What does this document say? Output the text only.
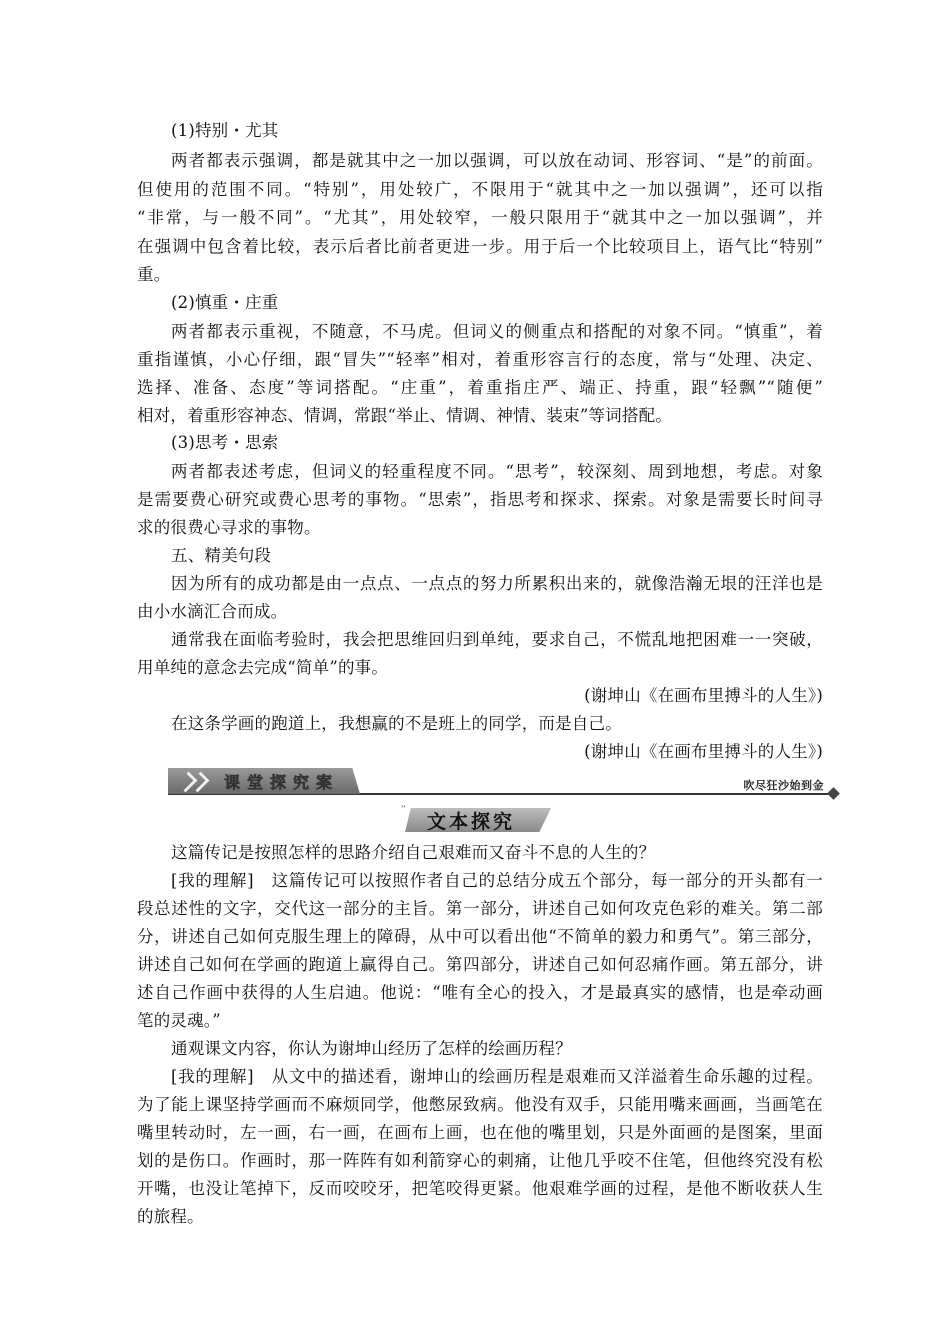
(1)特别・尤其
两者都表示强调，都是就其中之一加以强调，可以放在动词、形容词、“是”的前面。
但使用的范围不同。“特别”，用处较广，不限用于“就其中之一加以强调”，还可以指
“非常，与一般不同”。“尤其”，用处较窄，一般只限用于“就其中之一加以强调”，并
在强调中包含着比较，表示后者比前者更进一步。用于后一个比较项目上，语气比“特别”
重。
(2)慎重・庄重
两者都表示重视，不随意，不马虎。但词义的侧重点和搭配的对象不同。“慎重”，着
重指谨慎，小心仔细，跟“冒失”“轻率”相对，着重形容言行的态度，常与“处理、决定、
选择、准备、态度”等词搭配。“庄重”，着重指庄严、端正、持重，跟“轻飘”“随便”
相对，着重形容神态、情调，常跟“举止、情调、神情、装束”等词搭配。
(3)思考・思索
两者都表述考虑，但词义的轻重程度不同。“思考”，较深刻、周到地想，考虑。对象
是需要费心研究或费心思考的事物。“思索”，指思考和探求、探索。对象是需要长时间寻
求的很费心寻求的事物。
五、精美句段
因为所有的成功都是由一点点、一点点的努力所累积出来的，就像浩瀚无垠的汪洋也是
由小水滴汇合而成。
通常我在面临考验时，我会把思维回归到单纯，要求自己，不慌乱地把困难一一突破，
用单纯的意念去完成“简单”的事。
(谢坤山《在画布里搏斗的人生》)
在这条学画的跑道上，我想赢的不是班上的同学，而是自己。
(谢坤山《在画布里搏斗的人生》)
课堂探究案	吹尽狂沙始到金
“
文本探究
这篇传记是按照怎样的思路介绍自己艰难而又奋斗不息的人生的？
[我的理解]　这篇传记可以按照作者自己的总结分成五个部分，每一部分的开头都有一
段总述性的文字，交代这一部分的主旨。第一部分，讲述自己如何攻克色彩的难关。第二部
分，讲述自己如何克服生理上的障碍，从中可以看出他“不简单的毅力和勇气”。第三部分，
讲述自己如何在学画的跑道上赢得自己。第四部分，讲述自己如何忍痛作画。第五部分，讲
述自己作画中获得的人生启迪。他说：“唯有全心的投入，才是最真实的感情，也是牵动画
笔的灵魂。”
通观课文内容，你认为谢坤山经历了怎样的绘画历程？
[我的理解]　从文中的描述看，谢坤山的绘画历程是艰难而又洋溢着生命乐趣的过程。
为了能上课坚持学画而不麻烦同学，他憋尿致病。他没有双手，只能用嘴来画画，当画笔在
嘴里转动时，左一画，右一画，在画布上画，也在他的嘴里划，只是外面画的是图案，里面
划的是伤口。作画时，那一阵阵有如利箭穿心的刺痛，让他几乎咬不住笔，但他终究没有松
开嘴，也没让笔掉下，反而咬咬牙，把笔咬得更紧。他艰难学画的过程，是他不断收获人生
的旅程。
